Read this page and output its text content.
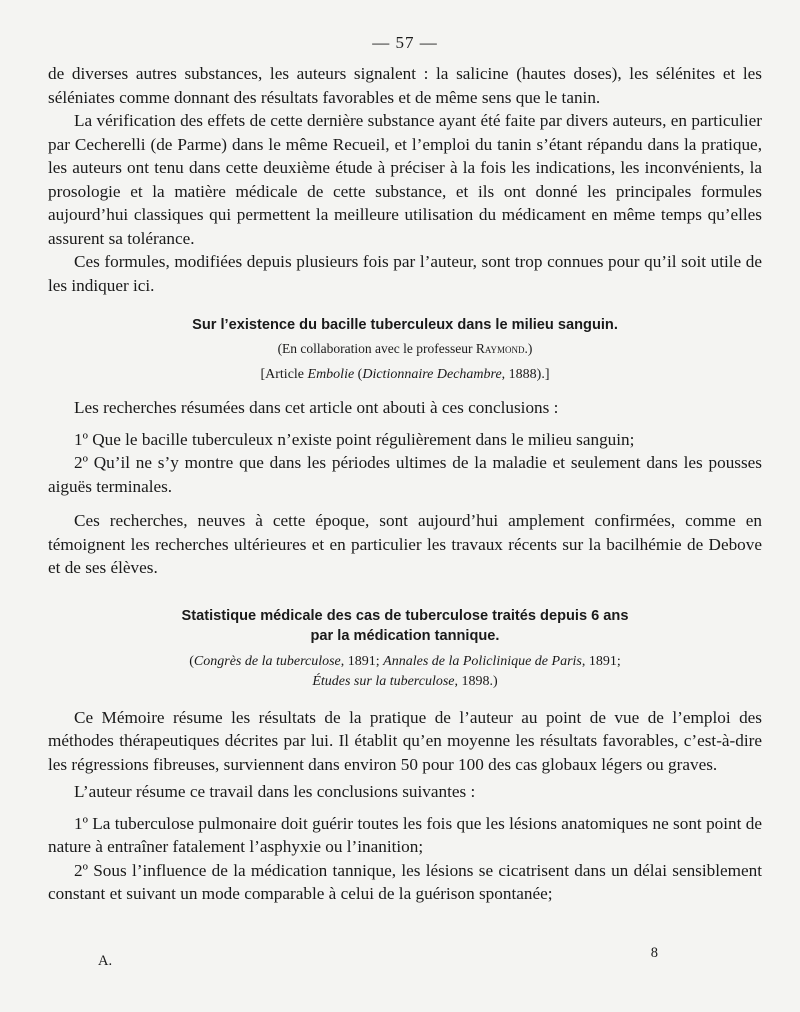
— 57 —

de diverses autres substances, les auteurs signalent : la salicine (hautes doses), les sélénites et les séléniates comme donnant des résultats favorables et de même sens que le tanin.

La vérification des effets de cette dernière substance ayant été faite par divers auteurs, en particulier par Cecherelli (de Parme) dans le même Recueil, et l’emploi du tanin s’étant répandu dans la pratique, les auteurs ont tenu dans cette deuxième étude à préciser à la fois les indications, les inconvénients, la prosologie et la matière médicale de cette substance, et ils ont donné les principales formules aujourd’hui classiques qui permettent la meilleure utilisation du médicament en même temps qu’elles assurent sa tolérance.

Ces formules, modifiées depuis plusieurs fois par l’auteur, sont trop connues pour qu’il soit utile de les indiquer ici.

Sur l’existence du bacille tuberculeux dans le milieu sanguin.

(En collaboration avec le professeur Raymond.)

[Article Embolie (Dictionnaire Dechambre, 1888).]

Les recherches résumées dans cet article ont abouti à ces conclusions :

1º Que le bacille tuberculeux n’existe point régulièrement dans le milieu sanguin;

2º Qu’il ne s’y montre que dans les périodes ultimes de la maladie et seulement dans les pousses aiguës terminales.

Ces recherches, neuves à cette époque, sont aujourd’hui amplement confirmées, comme en témoignent les recherches ultérieures et en particulier les travaux récents sur la bacilhémie de Debove et de ses élèves.

Statistique médicale des cas de tuberculose traités depuis 6 ans
par la médication tannique.

(Congrès de la tuberculose, 1891; Annales de la Policlinique de Paris, 1891;
Études sur la tuberculose, 1898.)

Ce Mémoire résume les résultats de la pratique de l’auteur au point de vue de l’emploi des méthodes thérapeutiques décrites par lui. Il établit qu’en moyenne les résultats favorables, c’est-à-dire les régressions fibreuses, surviennent dans environ 50 pour 100 des cas globaux légers ou graves.

L’auteur résume ce travail dans les conclusions suivantes :

1º La tuberculose pulmonaire doit guérir toutes les fois que les lésions anatomiques ne sont point de nature à entraîner fatalement l’asphyxie ou l’inanition;

2º Sous l’influence de la médication tannique, les lésions se cicatrisent dans un délai sensiblement constant et suivant un mode comparable à celui de la guérison spontanée;

A.	8
